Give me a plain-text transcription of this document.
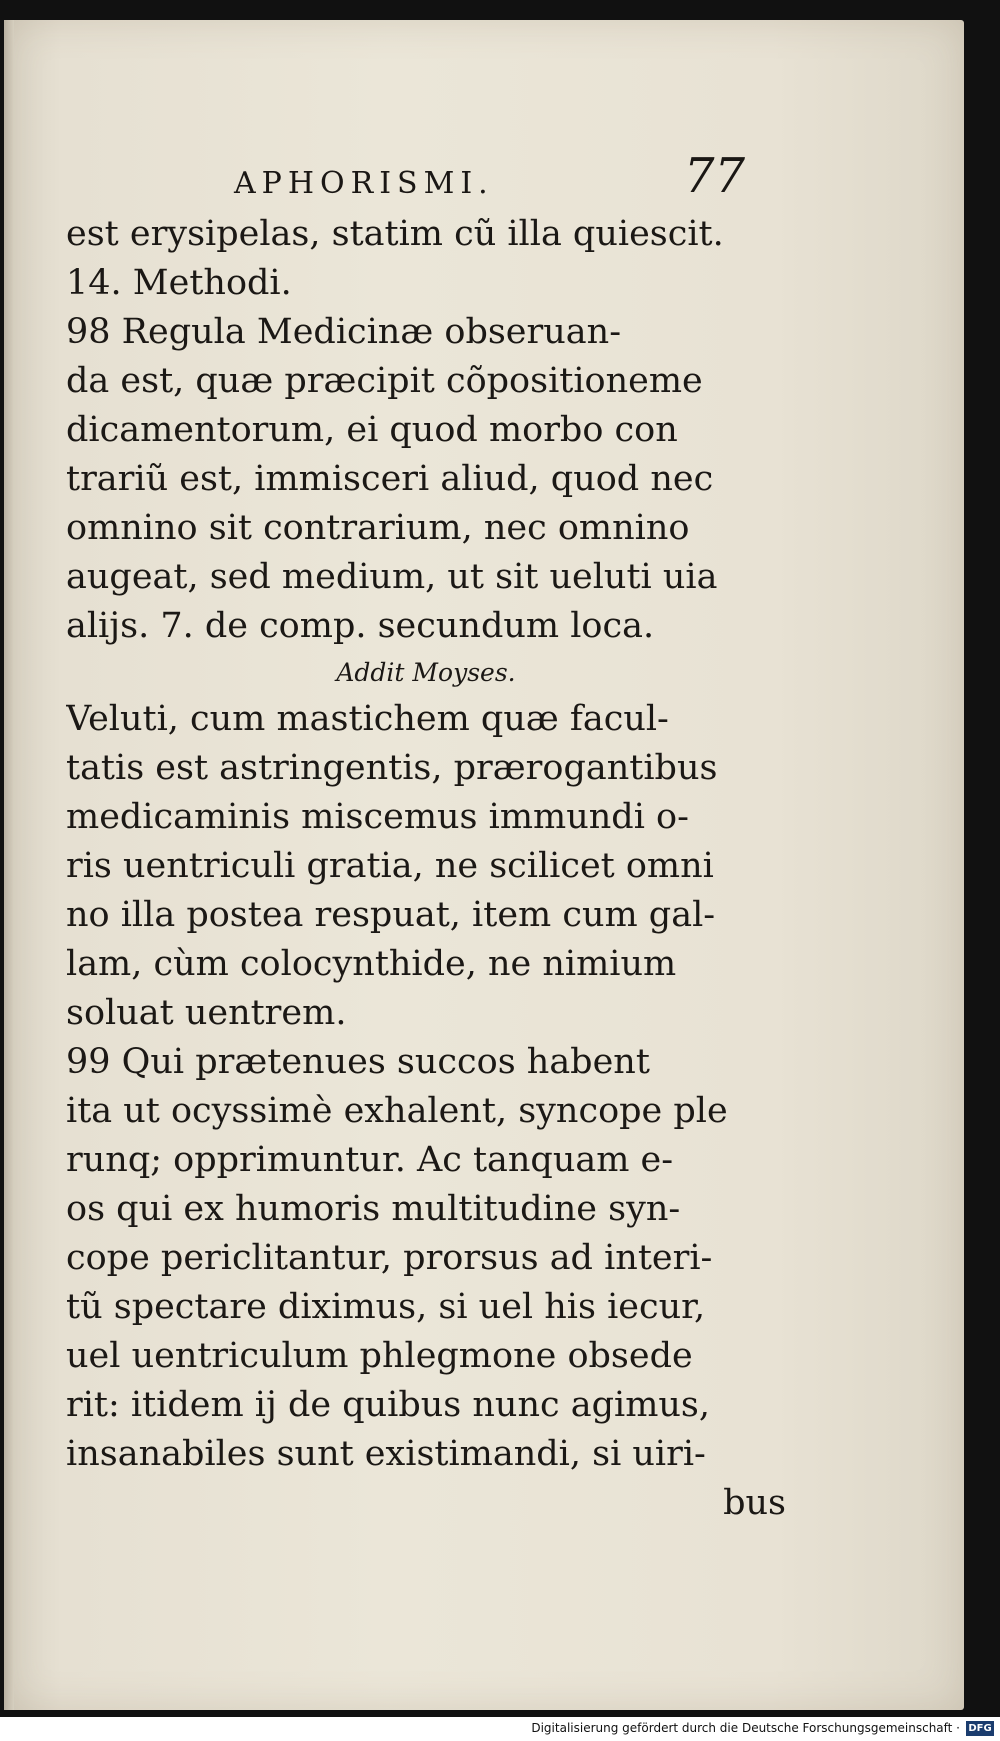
APHORISMI.	77
est erysipelas, statim cũ illa quiescit.
14. Methodi.
98 Regula Medicinæ obseruan-
da est, quæ præcipit cõpositioneme
dicamentorum, ei quod morbo con
trariũ est, immisceri aliud, quod nec
omnino sit contrarium, nec omnino
augeat, sed medium, ut sit ueluti uia
alijs. 7. de comp. secundum loca.
Addit Moyses.
Veluti, cum mastichem quæ facul-
tatis est astringentis, prærogantibus
medicaminis miscemus immundi o-
ris uentriculi gratia, ne scilicet omni
no illa postea respuat, item cum gal-
lam, cùm colocynthide, ne nimium
soluat uentrem.
99 Qui prætenues succos habent
ita ut ocyssimè exhalent, syncope ple
runq; opprimuntur. Ac tanquam e-
os qui ex humoris multitudine syn-
cope periclitantur, prorsus ad interi-
tũ spectare diximus, si uel his iecur,
uel uentriculum phlegmone obsede
rit: itidem ij de quibus nunc agimus,
insanabiles sunt existimandi, si uiri-
bus
Digitalisierung gefördert durch die Deutsche Forschungsgemeinschaft · DFG
